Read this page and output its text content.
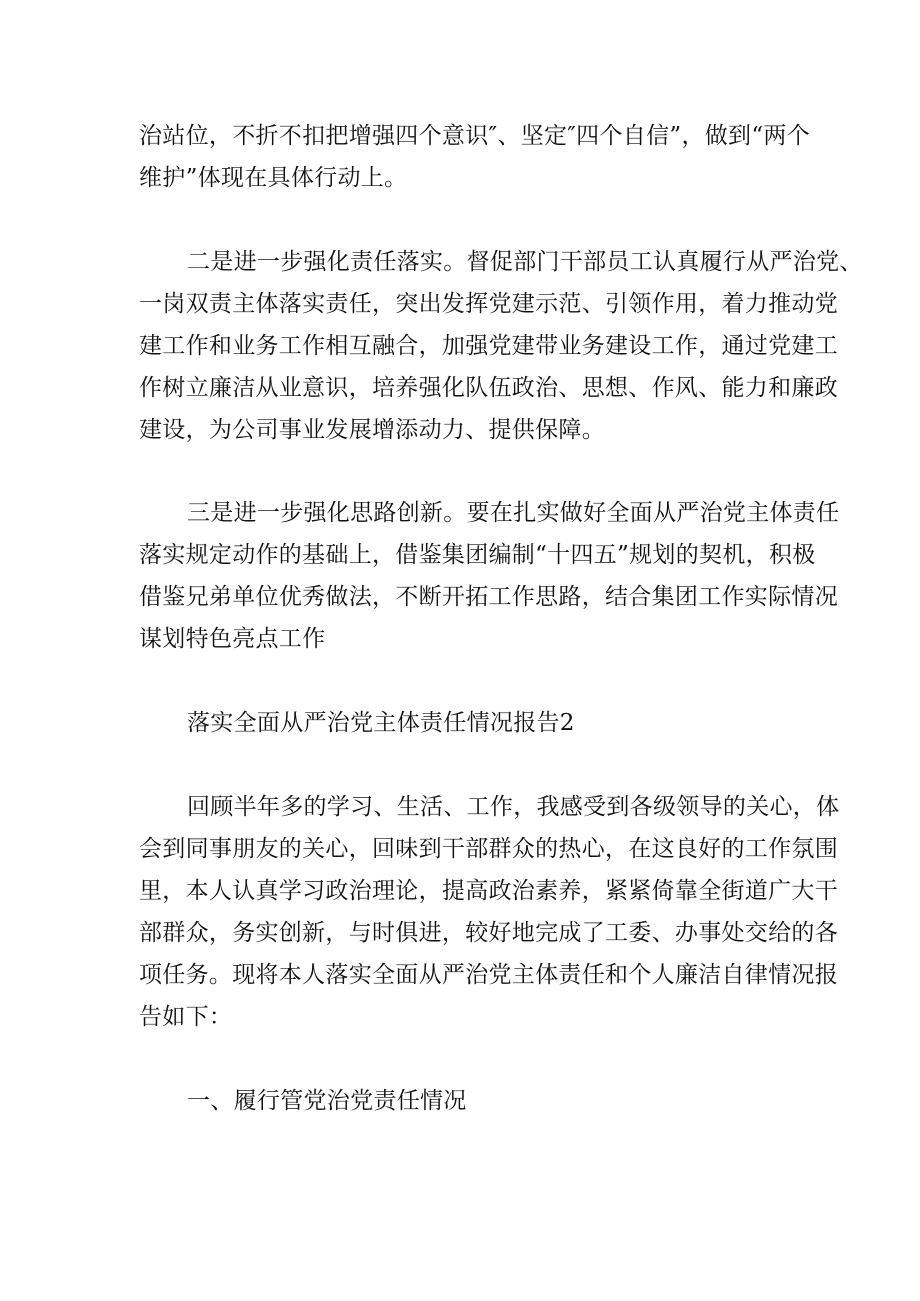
治站位，不折不扣把增强四个意识″、坚定″四个自信”，做到“两个
维护”体现在具体行动上。
二是进一步强化责任落实。督促部门干部员工认真履行从严治党、
一岗双责主体落实责任，突出发挥党建示范、引领作用，着力推动党
建工作和业务工作相互融合，加强党建带业务建设工作，通过党建工
作树立廉洁从业意识，培养强化队伍政治、思想、作风、能力和廉政
建设，为公司事业发展增添动力、提供保障。
三是进一步强化思路创新。要在扎实做好全面从严治党主体责任
落实规定动作的基础上，借鉴集团编制“十四五”规划的契机，积极
借鉴兄弟单位优秀做法，不断开拓工作思路，结合集团工作实际情况
谋划特色亮点工作
落实全面从严治党主体责任情况报告2
回顾半年多的学习、生活、工作，我感受到各级领导的关心，体
会到同事朋友的关心，回味到干部群众的热心，在这良好的工作氛围
里，本人认真学习政治理论，提高政治素养，紧紧倚靠全街道广大干
部群众，务实创新，与时俱进，较好地完成了工委、办事处交给的各
项任务。现将本人落实全面从严治党主体责任和个人廉洁自律情况报
告如下：
一、履行管党治党责任情况
